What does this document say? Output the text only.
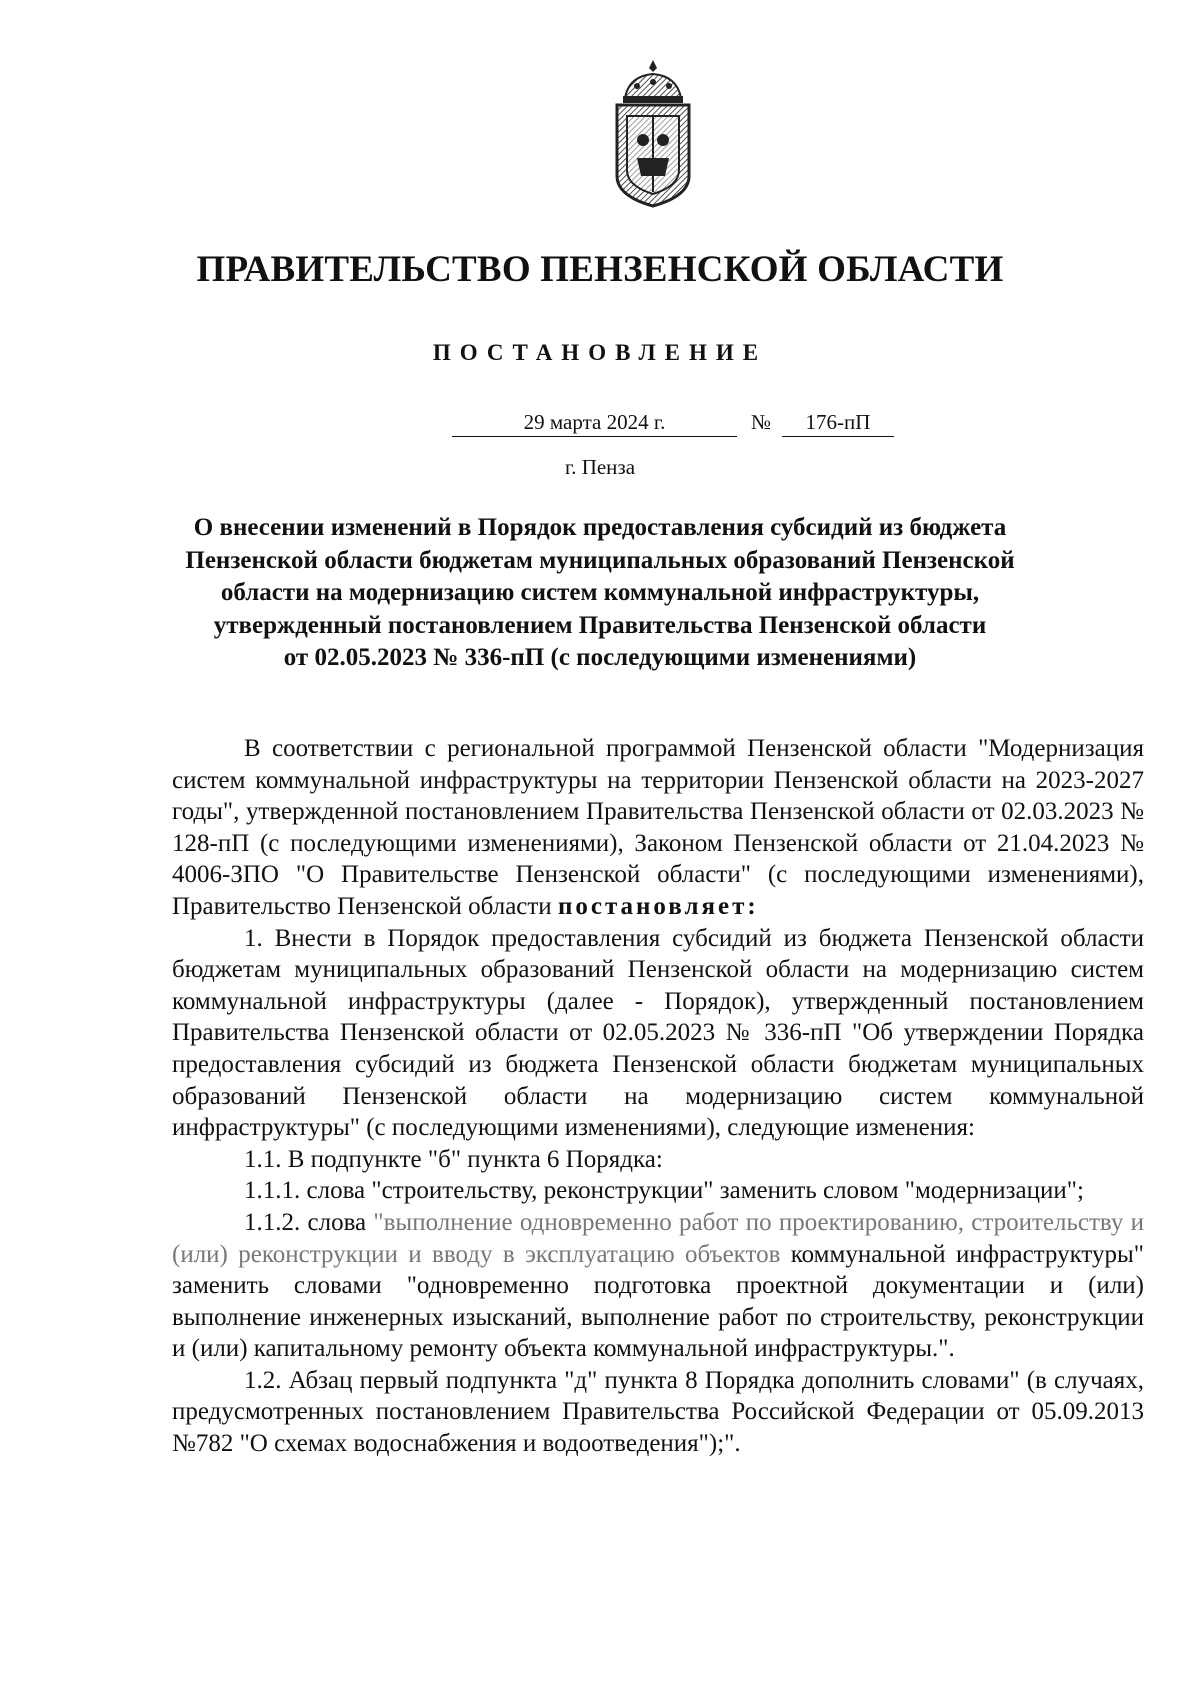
ПРАВИТЕЛЬСТВО ПЕНЗЕНСКОЙ ОБЛАСТИ
ПОСТАНОВЛЕНИЕ
29 марта 2024 г.	№	176-пП
г. Пенза
О внесении изменений в Порядок предоставления субсидий из бюджета
Пензенской области бюджетам муниципальных образований Пензенской
области на модернизацию систем коммунальной инфраструктуры,
утвержденный постановлением Правительства Пензенской области
от 02.05.2023 № 336-пП (с последующими изменениями)

В соответствии с региональной программой Пензенской области "Модернизация систем коммунальной инфраструктуры на территории Пензенской области на 2023-2027 годы", утвержденной постановлением Правительства Пензенской области от 02.03.2023 № 128-пП (с последующими изменениями), Законом Пензенской области от 21.04.2023 № 4006-ЗПО "О Правительстве Пензенской области" (с последующими изменениями), Правительство Пензенской области постановляет:

1. Внести в Порядок предоставления субсидий из бюджета Пензенской области бюджетам муниципальных образований Пензенской области на модернизацию систем коммунальной инфраструктуры (далее - Порядок), утвержденный постановлением Правительства Пензенской области от 02.05.2023 № 336-пП "Об утверждении Порядка предоставления субсидий из бюджета Пензенской области бюджетам муниципальных образований Пензенской области на модернизацию систем коммунальной инфраструктуры" (с последующими изменениями), следующие изменения:

1.1. В подпункте "б" пункта 6 Порядка:

1.1.1. слова "строительству, реконструкции" заменить словом "модернизации";

1.1.2. слова "выполнение одновременно работ по проектированию, строительству и (или) реконструкции и вводу в эксплуатацию объектов коммунальной инфраструктуры" заменить словами "одновременно подготовка проектной документации и (или) выполнение инженерных изысканий, выполнение работ по строительству, реконструкции и (или) капитальному ремонту объекта коммунальной инфраструктуры.".

1.2. Абзац первый подпункта "д" пункта 8 Порядка дополнить словами" (в случаях, предусмотренных постановлением Правительства Российской Федерации от 05.09.2013 №782 "О схемах водоснабжения и водоотведения");".
